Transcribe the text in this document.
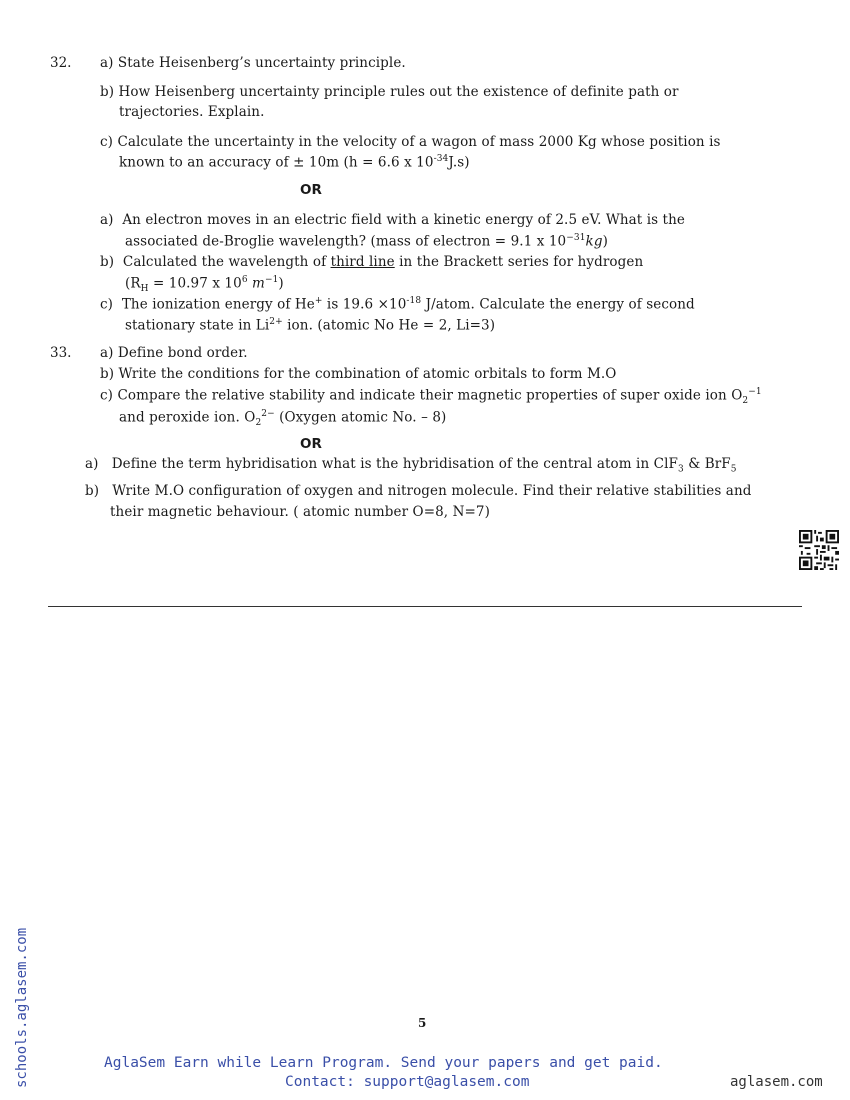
32. a) State Heisenberg’s uncertainty principle.
b) How Heisenberg uncertainty principle rules out the existence of definite path or
trajectories. Explain.
c) Calculate the uncertainty in the velocity of a wagon of mass 2000 Kg whose position is
known to an accuracy of ± 10m (h = 6.6 x $10^{-34}J.s$)
OR
a) An electron moves in an electric field with a kinetic energy of 2.5 eV. What is the
associated de-Broglie wavelength? (mass of electron = 9.1 x $10^{-31}kg$)
b) Calculated the wavelength of third line in the Brackett series for hydrogen
($R_H = 10.97$ x $10^6$ $m^{-1}$)
c) The ionization energy of He+ is $19.6 \times 10^{-18}$ J/atom. Calculate the energy of second
stationary state in $Li^{2+}$ ion. (atomic No He = 2, Li=3)
33. a) Define bond order.
b) Write the conditions for the combination of atomic orbitals to form M.O
c) Compare the relative stability and indicate their magnetic properties of super oxide ion $O_2^{-1}$
and peroxide ion. $O_2^{2-}$ (Oxygen atomic No. – 8)
OR
a) Define the term hybridisation what is the hybridisation of the central atom in ClF$_3$ & BrF$_5$
b) Write M.O configuration of oxygen and nitrogen molecule. Find their relative stabilities and
their magnetic behaviour. ( atomic number O=8, N=7)
5
AglaSem Earn while Learn Program. Send your papers and get paid.
Contact: support@aglasem.com	aglasem.com
schools.aglasem.com
